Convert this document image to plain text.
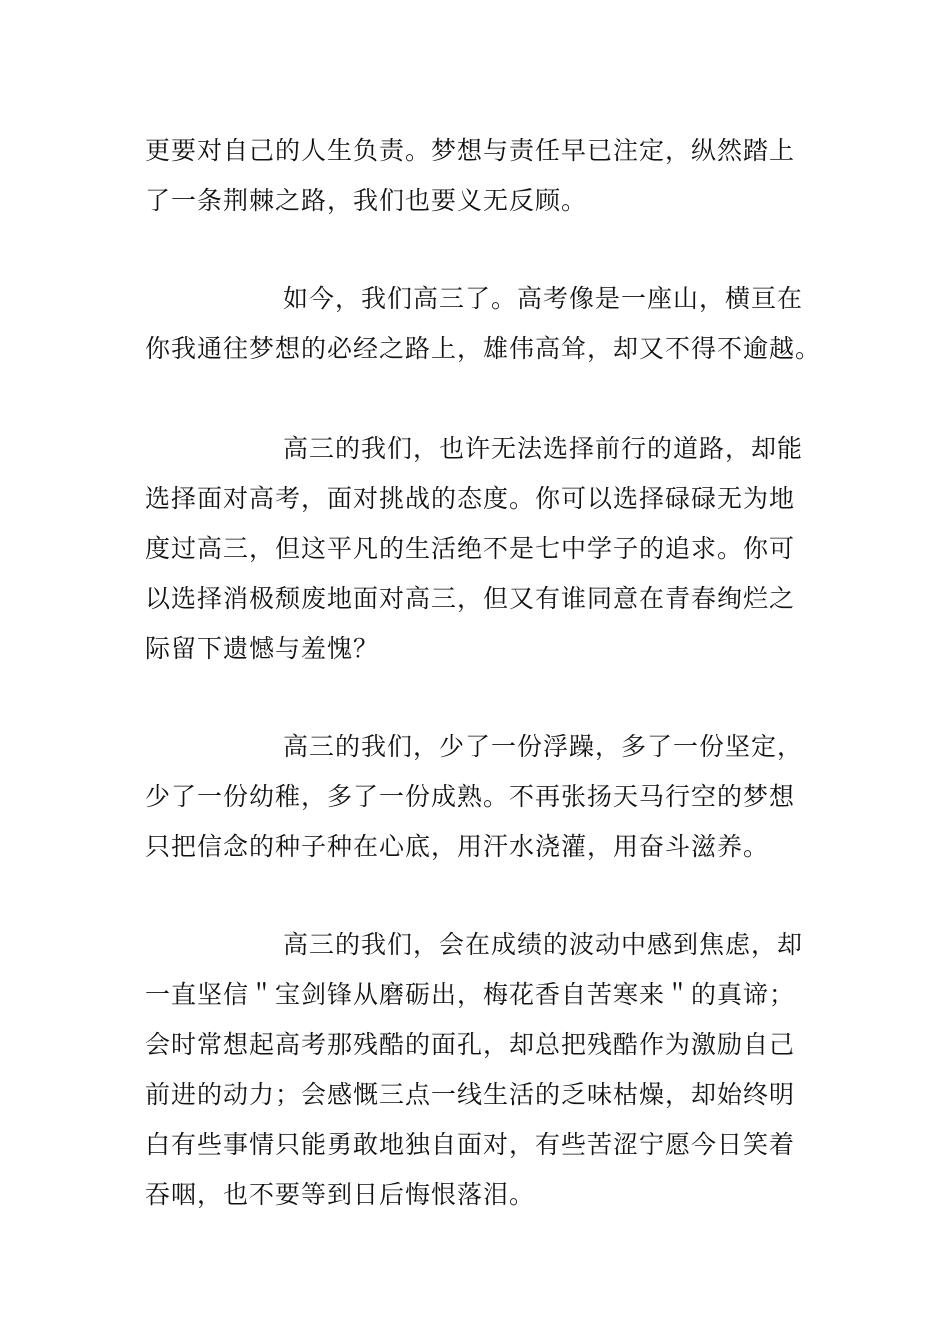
更要对自己的人生负责。梦想与责任早已注定，纵然踏上
了一条荆棘之路，我们也要义无反顾。

如今，我们高三了。高考像是一座山，横亘在
你我通往梦想的必经之路上，雄伟高耸，却又不得不逾越。

高三的我们，也许无法选择前行的道路，却能
选择面对高考，面对挑战的态度。你可以选择碌碌无为地
度过高三，但这平凡的生活绝不是七中学子的追求。你可
以选择消极颓废地面对高三，但又有谁同意在青春绚烂之
际留下遗憾与羞愧？

高三的我们，少了一份浮躁，多了一份坚定，
少了一份幼稚，多了一份成熟。不再张扬天马行空的梦想
只把信念的种子种在心底，用汗水浇灌，用奋斗滋养。

高三的我们，会在成绩的波动中感到焦虑，却
一直坚信＂宝剑锋从磨砺出，梅花香自苦寒来＂的真谛；
会时常想起高考那残酷的面孔，却总把残酷作为激励自己
前进的动力；会感慨三点一线生活的乏味枯燥，却始终明
白有些事情只能勇敢地独自面对，有些苦涩宁愿今日笑着
吞咽，也不要等到日后悔恨落泪。
